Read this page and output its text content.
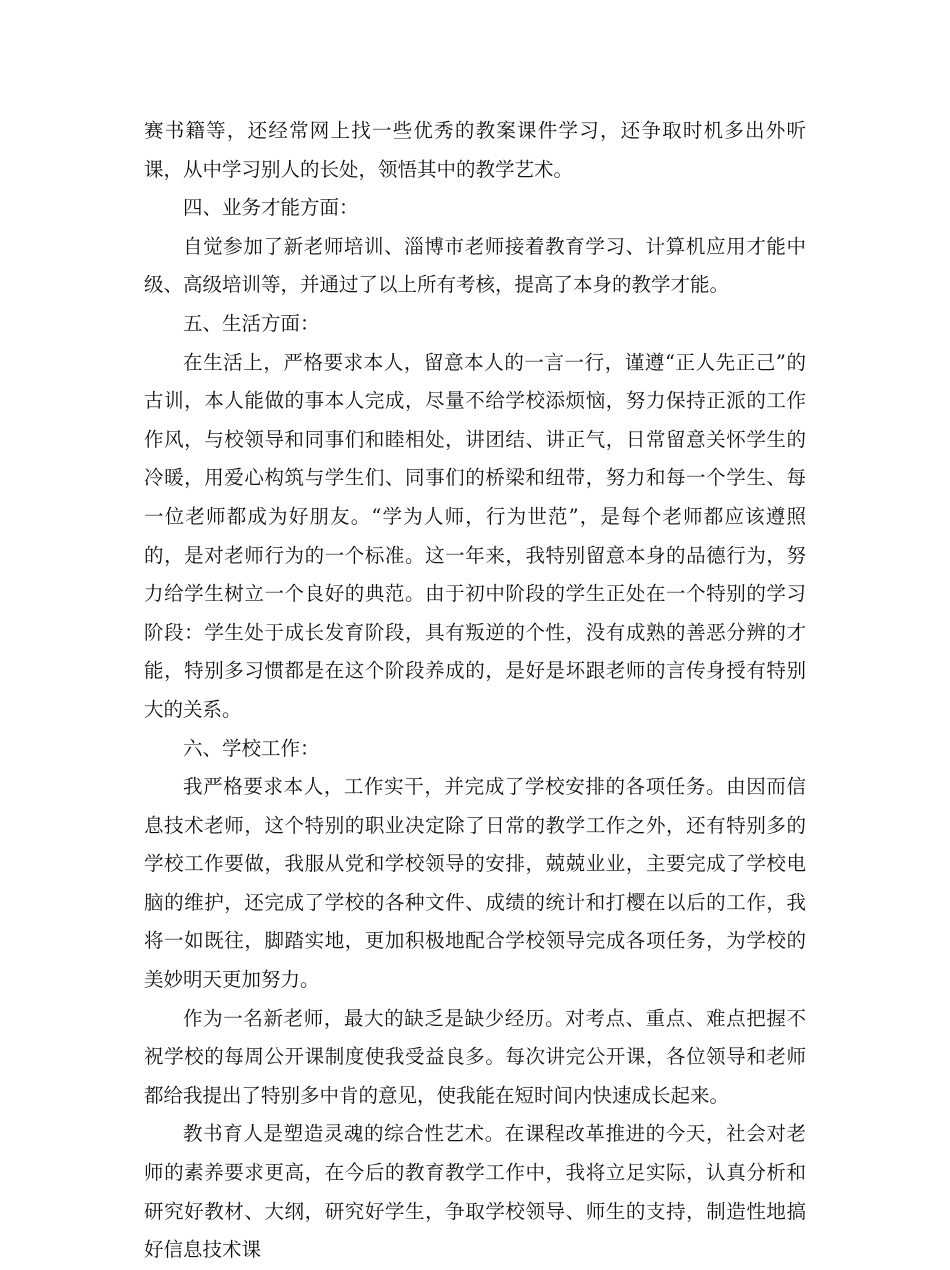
赛书籍等，还经常网上找一些优秀的教案课件学习，还争取时机多出外听课，从中学习别人的长处，领悟其中的教学艺术。

四、业务才能方面：

自觉参加了新老师培训、淄博市老师接着教育学习、计算机应用才能中级、高级培训等，并通过了以上所有考核，提高了本身的教学才能。

五、生活方面：

在生活上，严格要求本人，留意本人的一言一行，谨遵“正人先正己”的古训，本人能做的事本人完成，尽量不给学校添烦恼，努力保持正派的工作作风，与校领导和同事们和睦相处，讲团结、讲正气，日常留意关怀学生的冷暖，用爱心构筑与学生们、同事们的桥梁和纽带，努力和每一个学生、每一位老师都成为好朋友。“学为人师，行为世范”，是每个老师都应该遵照的，是对老师行为的一个标准。这一年来，我特别留意本身的品德行为，努力给学生树立一个良好的典范。由于初中阶段的学生正处在一个特别的学习阶段：学生处于成长发育阶段，具有叛逆的个性，没有成熟的善恶分辨的才能，特别多习惯都是在这个阶段养成的，是好是坏跟老师的言传身授有特别大的关系。

六、学校工作：

我严格要求本人，工作实干，并完成了学校安排的各项任务。由因而信息技术老师，这个特别的职业决定除了日常的教学工作之外，还有特别多的学校工作要做，我服从党和学校领导的安排，兢兢业业，主要完成了学校电脑的维护，还完成了学校的各种文件、成绩的统计和打樱在以后的工作，我将一如既往，脚踏实地，更加积极地配合学校领导完成各项任务，为学校的美妙明天更加努力。

作为一名新老师，最大的缺乏是缺少经历。对考点、重点、难点把握不祝学校的每周公开课制度使我受益良多。每次讲完公开课，各位领导和老师都给我提出了特别多中肯的意见，使我能在短时间内快速成长起来。

教书育人是塑造灵魂的综合性艺术。在课程改革推进的今天，社会对老师的素养要求更高，在今后的教育教学工作中，我将立足实际，认真分析和研究好教材、大纲，研究好学生，争取学校领导、师生的支持，制造性地搞好信息技术课
